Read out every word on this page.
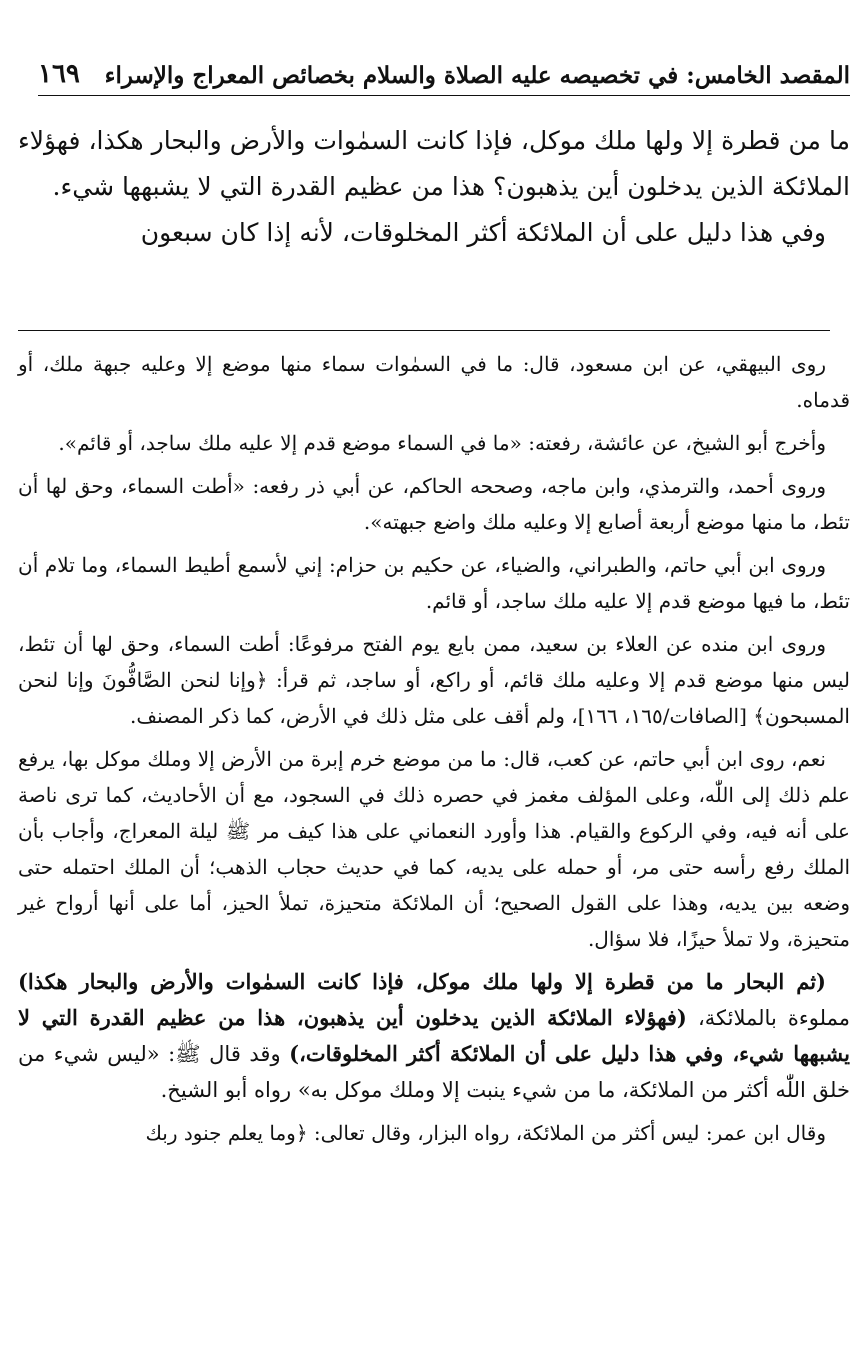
المقصد الخامس: في تخصيصه عليه الصلاة والسلام بخصائص المعراج والإسراء
١٦٩

ما من قطرة إلا ولها ملك موكل، فإذا كانت السمٰوات والأرض والبحار هكذا، فهؤلاء الملائكة الذين يدخلون أين يذهبون؟ هذا من عظيم القدرة التي لا يشبهها شيء.

وفي هذا دليل على أن الملائكة أكثر المخلوقات، لأنه إذا كان سبعون

روى البيهقي، عن ابن مسعود، قال: ما في السمٰوات سماء منها موضع إلا وعليه جبهة ملك، أو قدماه.

وأخرج أبو الشيخ، عن عائشة، رفعته: «ما في السماء موضع قدم إلا عليه ملك ساجد، أو قائم».

وروى أحمد، والترمذي، وابن ماجه، وصححه الحاكم، عن أبي ذر رفعه: «أطت السماء، وحق لها أن تئط، ما منها موضع أربعة أصابع إلا وعليه ملك واضع جبهته».

وروى ابن أبي حاتم، والطبراني، والضياء، عن حكيم بن حزام: إني لأسمع أطيط السماء، وما تلام أن تئط، ما فيها موضع قدم إلا عليه ملك ساجد، أو قائم.

وروى ابن منده عن العلاء بن سعيد، ممن بايع يوم الفتح مرفوعًا: أطت السماء، وحق لها أن تئط، ليس منها موضع قدم إلا وعليه ملك قائم، أو راكع، أو ساجد، ثم قرأ: ﴿وإنا لنحن الصَّافُّونَ وإنا لنحن المسبحون﴾ [الصافات/١٦٥، ١٦٦]، ولم أقف على مثل ذلك في الأرض، كما ذكر المصنف.

نعم، روى ابن أبي حاتم، عن كعب، قال: ما من موضع خرم إبرة من الأرض إلا وملك موكل بها، يرفع علم ذلك إلى اللّٰه، وعلى المؤلف مغمز في حصره ذلك في السجود، مع أن الأحاديث، كما ترى ناصة على أنه فيه، وفي الركوع والقيام. هذا وأورد النعماني على هذا كيف مر ﷺ ليلة المعراج، وأجاب بأن الملك رفع رأسه حتى مر، أو حمله على يديه، كما في حديث حجاب الذهب؛ أن الملك احتمله حتى وضعه بين يديه، وهذا على القول الصحيح؛ أن الملائكة متحيزة، تملأ الحيز، أما على أنها أرواح غير متحيزة، ولا تملأ حيزًا، فلا سؤال.

(ثم البحار ما من قطرة إلا ولها ملك موكل، فإذا كانت السمٰوات والأرض والبحار هكذا) مملوءة بالملائكة، (فهؤلاء الملائكة الذين يدخلون أين يذهبون، هذا من عظيم القدرة التي لا يشبهها شيء، وفي هذا دليل على أن الملائكة أكثر المخلوقات،) وقد قال ﷺ: «ليس شيء من خلق اللّٰه أكثر من الملائكة، ما من شيء ينبت إلا وملك موكل به» رواه أبو الشيخ.

وقال ابن عمر: ليس أكثر من الملائكة، رواه البزار، وقال تعالى: ﴿وما يعلم جنود ربك
